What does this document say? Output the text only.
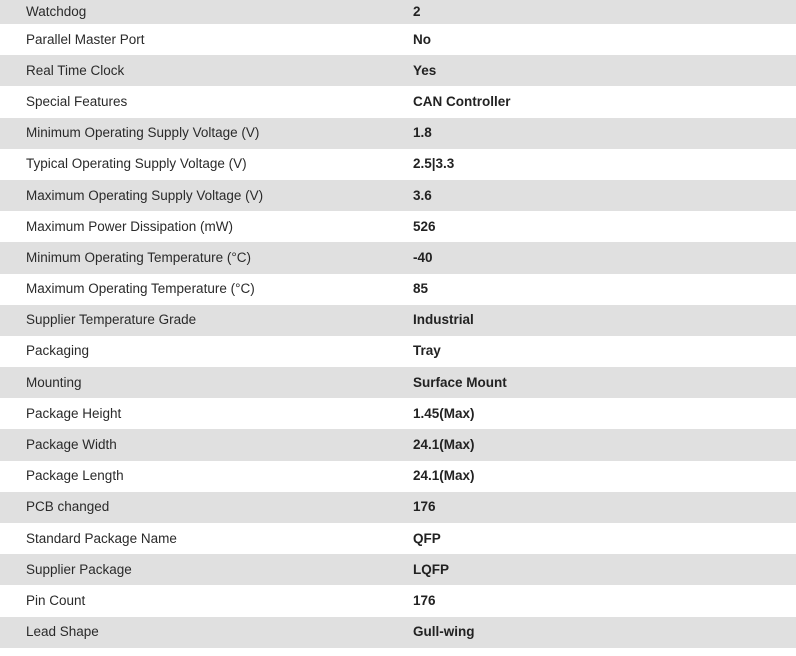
Watchdog	2
Parallel Master Port	No
Real Time Clock	Yes
Special Features	CAN Controller
Minimum Operating Supply Voltage (V)	1.8
Typical Operating Supply Voltage (V)	2.5|3.3
Maximum Operating Supply Voltage (V)	3.6
Maximum Power Dissipation (mW)	526
Minimum Operating Temperature (°C)	-40
Maximum Operating Temperature (°C)	85
Supplier Temperature Grade	Industrial
Packaging	Tray
Mounting	Surface Mount
Package Height	1.45(Max)
Package Width	24.1(Max)
Package Length	24.1(Max)
PCB changed	176
Standard Package Name	QFP
Supplier Package	LQFP
Pin Count	176
Lead Shape	Gull-wing
